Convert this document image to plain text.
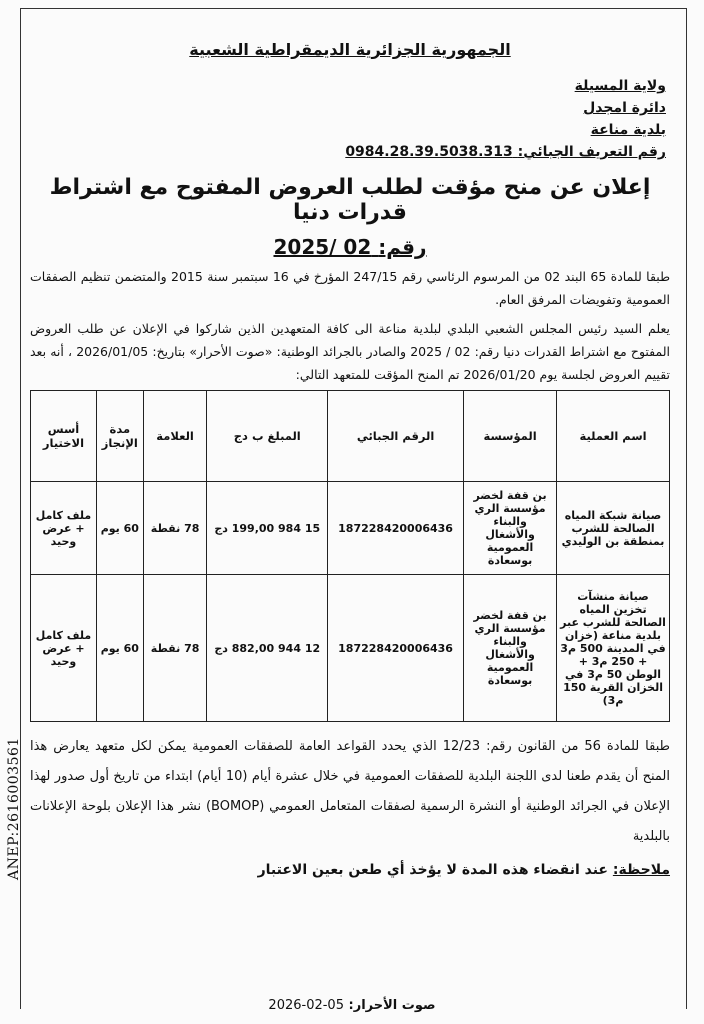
ANEP:2616003561
الجمهورية الجزائرية الديمقراطية الشعبية
ولاية المسيلة
دائرة امجدل
بلدية مناعة
رقم التعريف الجبائي: 0984.28.39.5038.313
إعلان عن منح مؤقت لطلب العروض المفتوح مع اشتراط قدرات دنيا
رقم: 2025/ 02
طبقا للمادة 65 البند 02 من المرسوم الرئاسي رقم 247/15 المؤرخ في 16 سبتمبر سنة 2015 والمتضمن تنظيم الصفقات العمومية وتفويضات المرفق العام.
يعلم السيد رئيس المجلس الشعبي البلدي لبلدية مناعة الى كافة المتعهدين الذين شاركوا في الإعلان عن طلب العروض المفتوح مع اشتراط القدرات دنيا رقم: 02 / 2025 والصادر بالجرائد الوطنية: «صوت الأحرار» بتاريخ: 2026/01/05 ، أنه بعد تقييم العروض لجلسة يوم 2026/01/20 تم المنح المؤقت للمتعهد التالي:
اسم العملية	المؤسسة	الرقم الجبائي	المبلغ ب دج	العلامة	مدة الإنجاز	أسس الاختيار
صيانة شبكة المياه الصالحة للشرب بمنطقة بن الوليدي	بن قفة لخضر مؤسسة الري والبناء والأشغال العمومية بوسعادة	187228420006436	15 984 199,00 دج	78 نقطة	60 يوم	ملف كامل + عرض وحيد
صيانة منشآت تخزين المياه الصالحة للشرب عبر بلدية مناعة (خزان في المدينة 500 م3 + 250 م3 + الوطن 50 م3 في الخزان القرية 150 م3)	بن قفة لخضر مؤسسة الري والبناء والأشغال العمومية بوسعادة	187228420006436	12 944 882,00 دج	78 نقطة	60 يوم	ملف كامل + عرض وحيد
طبقا للمادة 56 من القانون رقم: 12/23 الذي يحدد القواعد العامة للصفقات العمومية يمكن لكل متعهد يعارض هذا المنح أن يقدم طعنا لدى اللجنة البلدية للصفقات العمومية في خلال عشرة أيام (10 أيام) ابتداء من تاريخ أول صدور لهذا الإعلان في الجرائد الوطنية أو النشرة الرسمية لصفقات المتعامل العمومي (BOMOP) نشر هذا الإعلان بلوحة الإعلانات بالبلدية
ملاحظة: عند انقضاء هذه المدة لا يؤخذ أي طعن بعين الاعتبار
صوت الأحرار: 2026-02-05
